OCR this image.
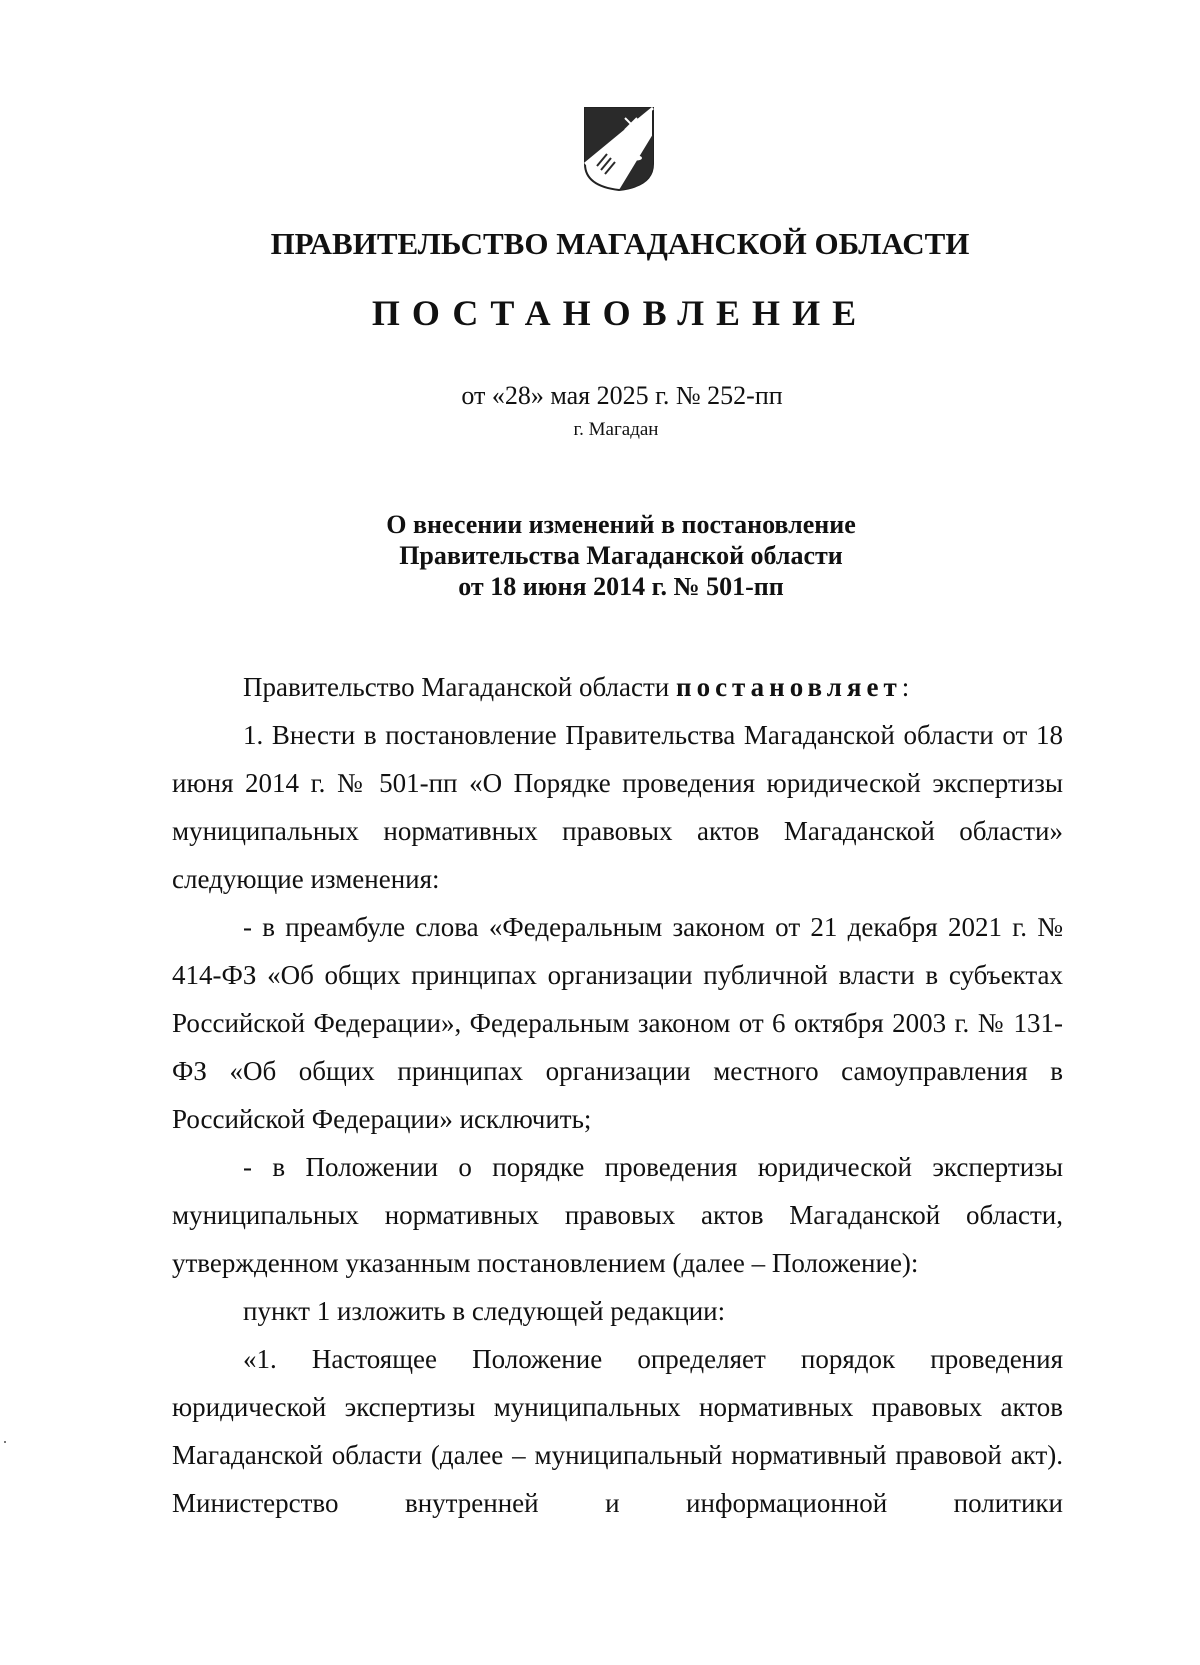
ПРАВИТЕЛЬСТВО МАГАДАНСКОЙ ОБЛАСТИ
ПОСТАНОВЛЕНИЕ
от «28» мая 2025 г. № 252-пп
г. Магадан
О внесении изменений в постановление
Правительства Магаданской области
от 18 июня 2014 г. № 501-пп

Правительство Магаданской области постановляет:

1. Внести в постановление Правительства Магаданской области от 18 июня 2014 г. № 501-пп «О Порядке проведения юридической экспертизы муниципальных нормативных правовых актов Магаданской области» следующие изменения:

- в преамбуле слова «Федеральным законом от 21 декабря 2021 г. № 414-ФЗ «Об общих принципах организации публичной власти в субъектах Российской Федерации», Федеральным законом от 6 октября 2003 г. № 131-ФЗ «Об общих принципах организации местного самоуправления в Российской Федерации» исключить;

- в Положении о порядке проведения юридической экспертизы муниципальных нормативных правовых актов Магаданской области, утвержденном указанным постановлением (далее – Положение):

пункт 1 изложить в следующей редакции:

«1. Настоящее Положение определяет порядок проведения юридической экспертизы муниципальных нормативных правовых актов Магаданской области (далее – муниципальный нормативный правовой акт). Министерство внутренней и информационной политики
